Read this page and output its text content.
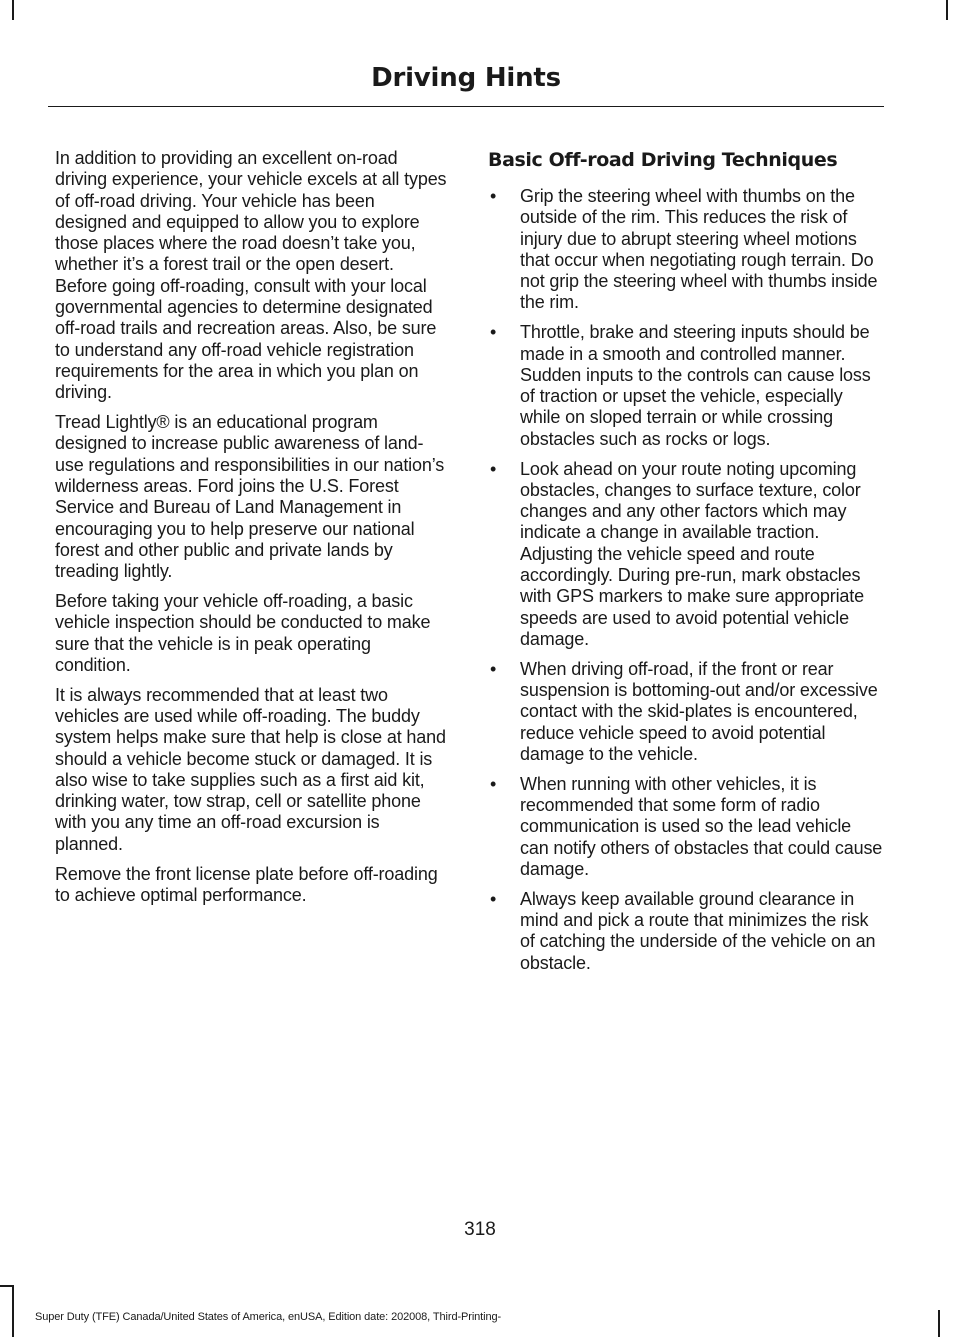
Driving Hints

In addition to providing an excellent on-road driving experience, your vehicle excels at all types of off-road driving. Your vehicle has been designed and equipped to allow you to explore those places where the road doesn’t take you, whether it’s a forest trail or the open desert. Before going off-roading, consult with your local governmental agencies to determine designated off-road trails and recreation areas. Also, be sure to understand any off-road vehicle registration requirements for the area in which you plan on driving.

Tread Lightly® is an educational program designed to increase public awareness of land-use regulations and responsibilities in our nation’s wilderness areas. Ford joins the U.S. Forest Service and Bureau of Land Management in encouraging you to help preserve our national forest and other public and private lands by treading lightly.

Before taking your vehicle off-roading, a basic vehicle inspection should be conducted to make sure that the vehicle is in peak operating condition.

It is always recommended that at least two vehicles are used while off-roading. The buddy system helps make sure that help is close at hand should a vehicle become stuck or damaged. It is also wise to take supplies such as a first aid kit, drinking water, tow strap, cell or satellite phone with you any time an off-road excursion is planned.

Remove the front license plate before off-roading to achieve optimal performance.

Basic Off-road Driving Techniques
• Grip the steering wheel with thumbs on the outside of the rim. This reduces the risk of injury due to abrupt steering wheel motions that occur when negotiating rough terrain. Do not grip the steering wheel with thumbs inside the rim.
• Throttle, brake and steering inputs should be made in a smooth and controlled manner. Sudden inputs to the controls can cause loss of traction or upset the vehicle, especially while on sloped terrain or while crossing obstacles such as rocks or logs.
• Look ahead on your route noting upcoming obstacles, changes to surface texture, color changes and any other factors which may indicate a change in available traction. Adjusting the vehicle speed and route accordingly. During pre-run, mark obstacles with GPS markers to make sure appropriate speeds are used to avoid potential vehicle damage.
• When driving off-road, if the front or rear suspension is bottoming-out and/or excessive contact with the skid-plates is encountered, reduce vehicle speed to avoid potential damage to the vehicle.
• When running with other vehicles, it is recommended that some form of radio communication is used so the lead vehicle can notify others of obstacles that could cause damage.
• Always keep available ground clearance in mind and pick a route that minimizes the risk of catching the underside of the vehicle on an obstacle.
318
Super Duty (TFE) Canada/United States of America, enUSA, Edition date: 202008, Third-Printing-
